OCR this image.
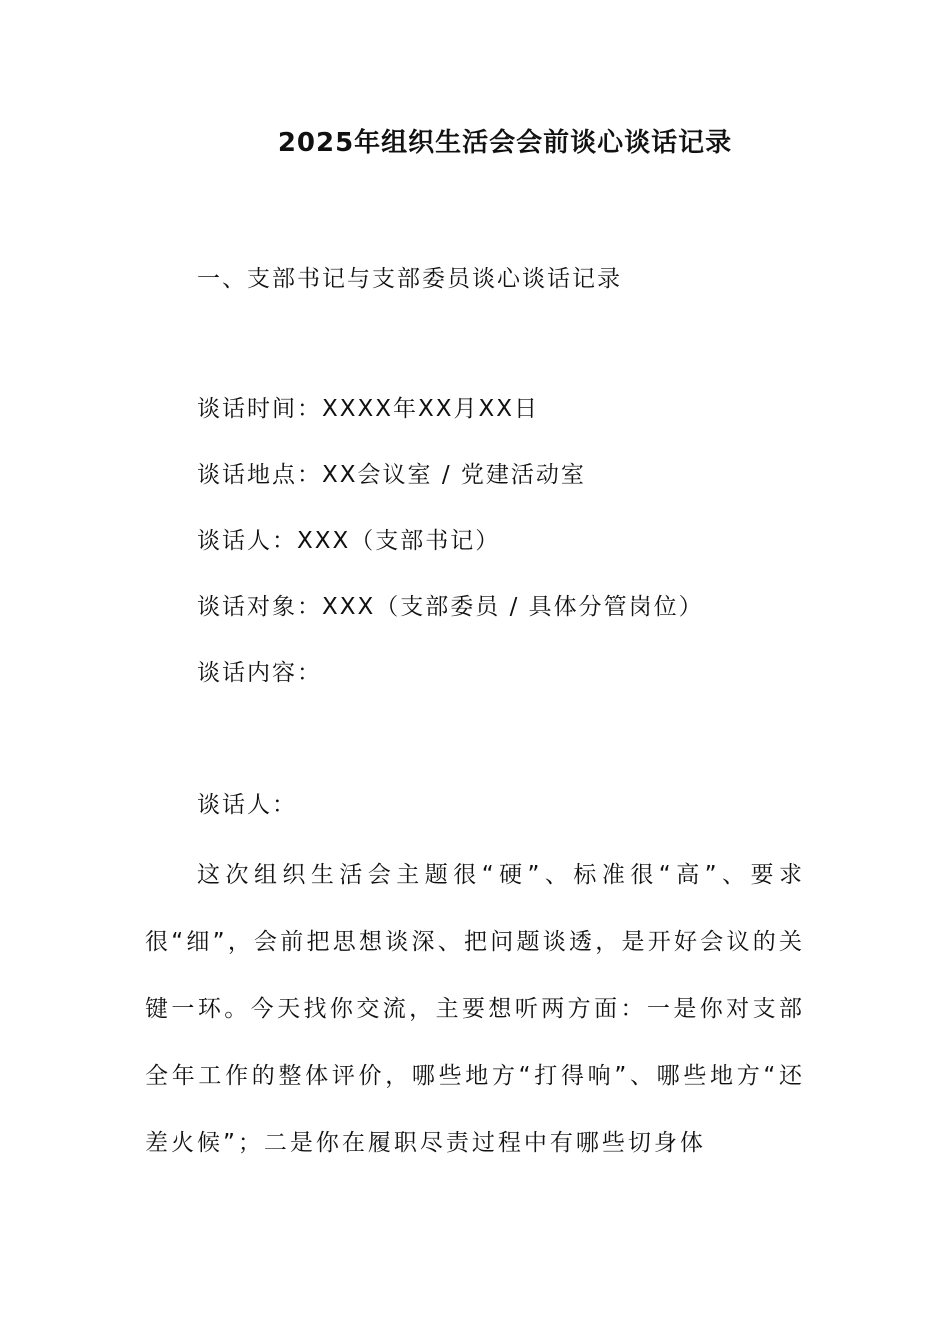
2025年组织生活会会前谈心谈话记录
一、支部书记与支部委员谈心谈话记录
谈话时间：XXXX年XX月XX日
谈话地点：XX会议室 / 党建活动室
谈话人：XXX（支部书记）
谈话对象：XXX（支部委员 / 具体分管岗位）
谈话内容：
谈话人：

这次组织生活会主题很“硬”、标准很“高”、要求很“细”，会前把思想谈深、把问题谈透，是开好会议的关键一环。今天找你交流，主要想听两方面：一是你对支部全年工作的整体评价，哪些地方“打得响”、哪些地方“还差火候”；二是你在履职尽责过程中有哪些切身体
